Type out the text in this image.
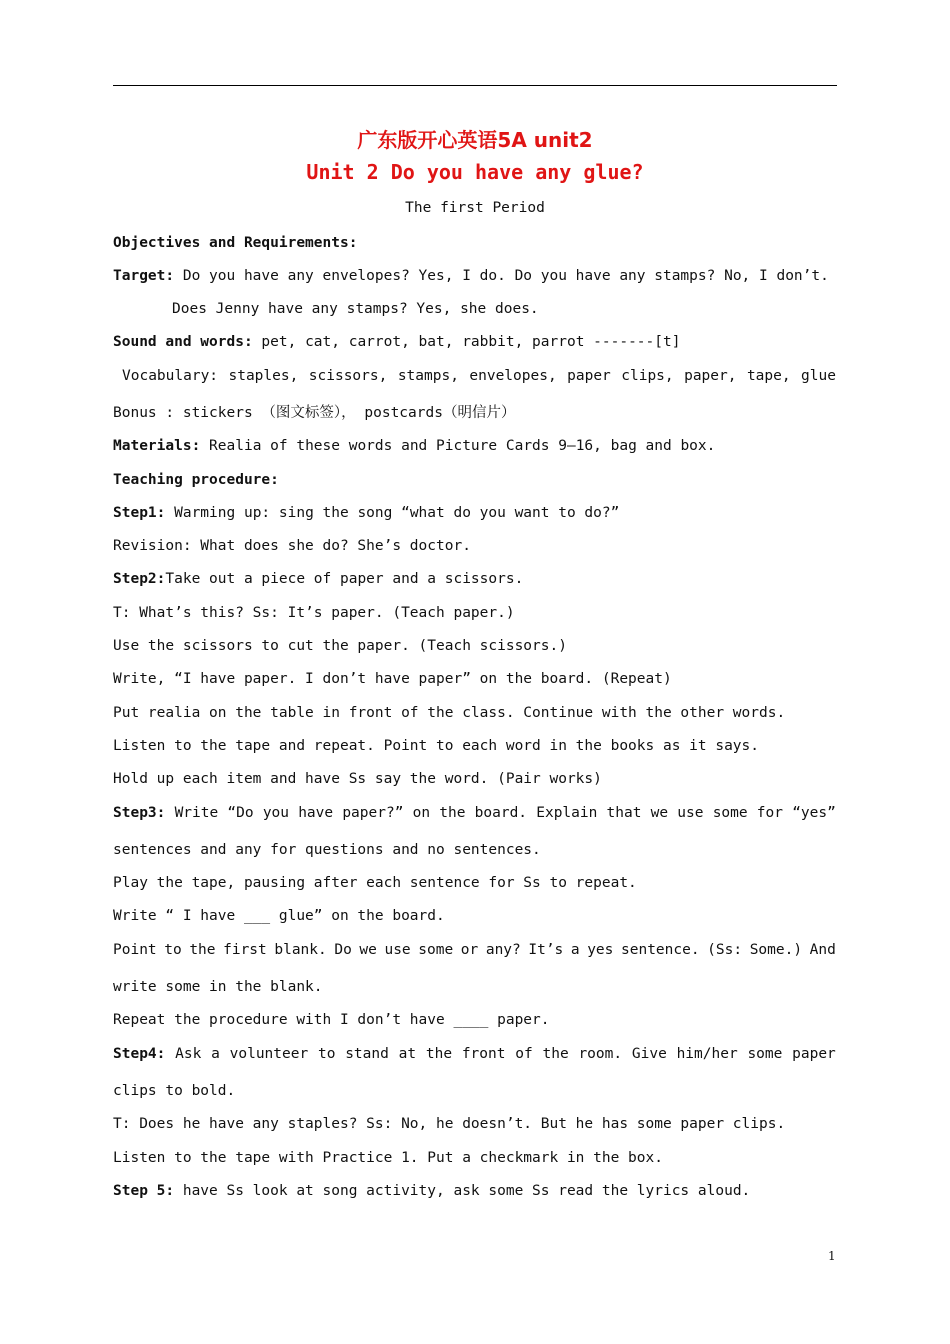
广东版开心英语5A unit2
Unit 2 Do you have any glue?
The first Period
Objectives and Requirements:
Target: Do you have any envelopes? Yes, I do. Do you have any stamps? No, I don’t.
Does Jenny have any stamps? Yes, she does.
Sound and words: pet, cat, carrot, bat, rabbit, parrot -------[t]
Vocabulary: staples, scissors, stamps, envelopes, paper clips, paper, tape, glue
Bonus : stickers （图文标签）， postcards（明信片）
Materials: Realia of these words and Picture Cards 9—16, bag and box.
Teaching procedure:
Step1: Warming up: sing the song “what do you want to do?”
Revision: What does she do? She’s doctor.
Step2:Take out a piece of paper and a scissors.
T: What’s this? Ss: It’s paper. (Teach paper.)
Use the scissors to cut the paper. (Teach scissors.)
Write, “I have paper. I don’t have paper” on the board. (Repeat)
Put realia on the table in front of the class. Continue with the other words.
Listen to the tape and repeat. Point to each word in the books as it says.
Hold up each item and have Ss say the word. (Pair works)
Step3: Write “Do you have paper?” on the board. Explain that we use some for “yes”
sentences and any for questions and no sentences.
Play the tape, pausing after each sentence for Ss to repeat.
Write “ I have ___ glue” on the board.
Point to the first blank. Do we use some or any? It’s a yes sentence. (Ss: Some.) And
write some in the blank.
Repeat the procedure with I don’t have ____ paper.
Step4: Ask a volunteer to stand at the front of the room. Give him/her some paper
clips to bold.
T: Does he have any staples? Ss: No, he doesn’t. But he has some paper clips.
Listen to the tape with Practice 1. Put a checkmark in the box.
Step 5: have Ss look at song activity, ask some Ss read the lyrics aloud.
1
